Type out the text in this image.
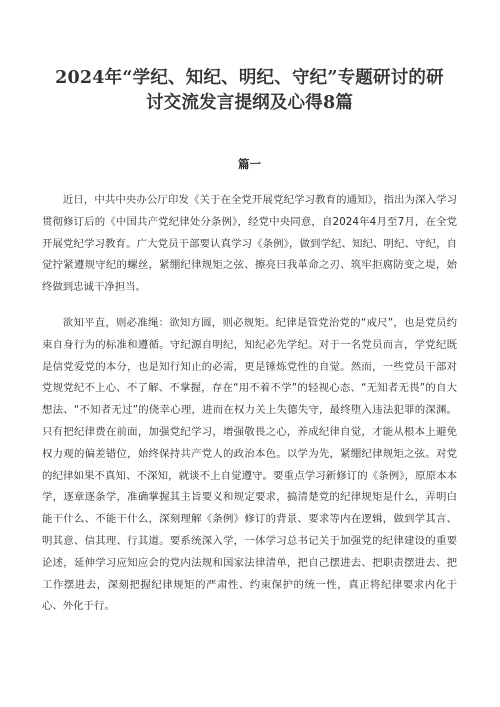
2024年“学纪、知纪、明纪、守纪”专题研讨的研
讨交流发言提纲及心得8篇
篇一

近日，中共中央办公厅印发《关于在全党开展党纪学习教育的通知》，指出为深入学习贯彻修订后的《中国共产党纪律处分条例》，经党中央同意，自2024年4月至7月，在全党开展党纪学习教育。广大党员干部要认真学习《条例》，做到学纪、知纪、明纪、守纪，自觉拧紧遵规守纪的螺丝，紧绷纪律规矩之弦、擦亮曰我革命之刃、筑牢拒腐防变之堤，始终做到忠诚干净担当。

欲知平直，则必准绳：欲知方圆，则必规矩。纪律是管党治党的“戒尺”，也是党员约束自身行为的标准和遵循。守纪源自明纪，知纪必先学纪。对于一名党员而言，学党纪既是信党爱党的本分，也是知行知止的必需，更是锤炼党性的自觉。然而，一些党员干部对党规党纪不上心、不了解、不掌握，存在“用不着不学”的轻视心态、“无知者无畏”的自大想法、“不知者无过”的侥幸心理，进而在权力关上失德失守，最终堕入违法犯罪的深渊。只有把纪律费在前面，加强党纪学习，增强敬畏之心，养成纪律自觉，才能从根本上避免权力观的偏差错位，始终保持共产党人的政治本色。以学为先，紧绷纪律规矩之弦。对党的纪律如果不真知、不深知，就谈不上自觉遵守。要重点学习新修订的《条例》，原原本本学，逐章逐条学，准确掌握其主旨要义和规定要求，搞清楚党的纪律规矩是什么，弄明白能干什么、不能干什么，深刻理解《条例》修订的背景、要求等内在逻辑，做到学其言、明其意、信其理、行其道。要系统深入学，一体学习总书记关于加强党的纪律建设的重要论述，延伸学习应知应会的党内法规和国家法律清单，把自己摆进去、把职责摆进去、把工作摆进去，深刻把握纪律规矩的严肃性、约束保护的统一性，真正将纪律要求内化于心、外化于行。
